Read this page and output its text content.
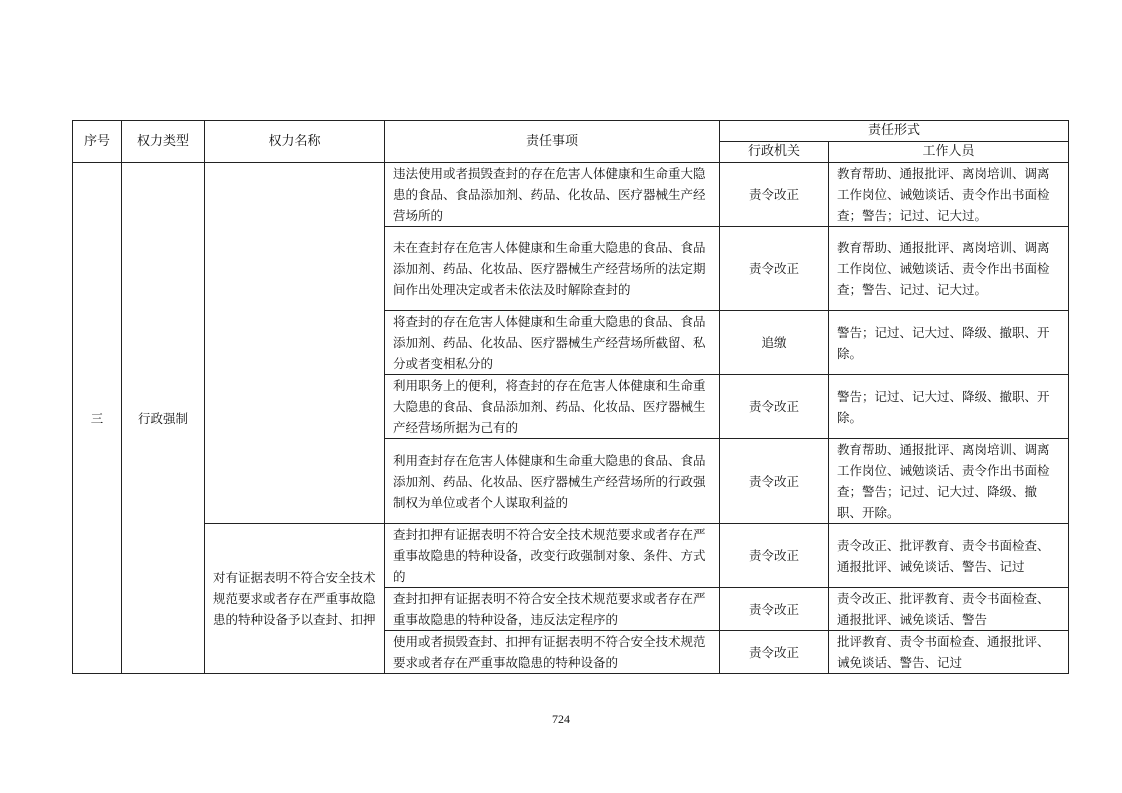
序号	权力类型	权力名称	责任事项	责任形式	
				行政机关	工作人员
三	行政强制		违法使用或者损毁查封的存在危害人体健康和生命重大隐患的食品、食品添加剂、药品、化妆品、医疗器械生产经营场所的	责令改正	教育帮助、通报批评、离岗培训、调离工作岗位、诫勉谈话、责令作出书面检查；警告；记过、记大过。
			未在查封存在危害人体健康和生命重大隐患的食品、食品添加剂、药品、化妆品、医疗器械生产经营场所的法定期间作出处理决定或者未依法及时解除查封的	责令改正	教育帮助、通报批评、离岗培训、调离工作岗位、诫勉谈话、责令作出书面检查；警告、记过、记大过。
			将查封的存在危害人体健康和生命重大隐患的食品、食品添加剂、药品、化妆品、医疗器械生产经营场所截留、私分或者变相私分的	追缴	警告；记过、记大过、降级、撤职、开除。
			利用职务上的便利，将查封的存在危害人体健康和生命重大隐患的食品、食品添加剂、药品、化妆品、医疗器械生产经营场所据为己有的	责令改正	警告；记过、记大过、降级、撤职、开除。
			利用查封存在危害人体健康和生命重大隐患的食品、食品添加剂、药品、化妆品、医疗器械生产经营场所的行政强制权为单位或者个人谋取利益的	责令改正	教育帮助、通报批评、离岗培训、调离工作岗位、诫勉谈话、责令作出书面检查；警告；记过、记大过、降级、撤职、开除。
		对有证据表明不符合安全技术规范要求或者存在严重事故隐患的特种设备予以查封、扣押	查封扣押有证据表明不符合安全技术规范要求或者存在严重事故隐患的特种设备，改变行政强制对象、条件、方式的	责令改正	责令改正、批评教育、责令书面检查、通报批评、诫免谈话、警告、记过
			查封扣押有证据表明不符合安全技术规范要求或者存在严重事故隐患的特种设备，违反法定程序的	责令改正	责令改正、批评教育、责令书面检查、通报批评、诫免谈话、警告
			使用或者损毁查封、扣押有证据表明不符合安全技术规范要求或者存在严重事故隐患的特种设备的	责令改正	批评教育、责令书面检查、通报批评、诫免谈话、警告、记过
724
